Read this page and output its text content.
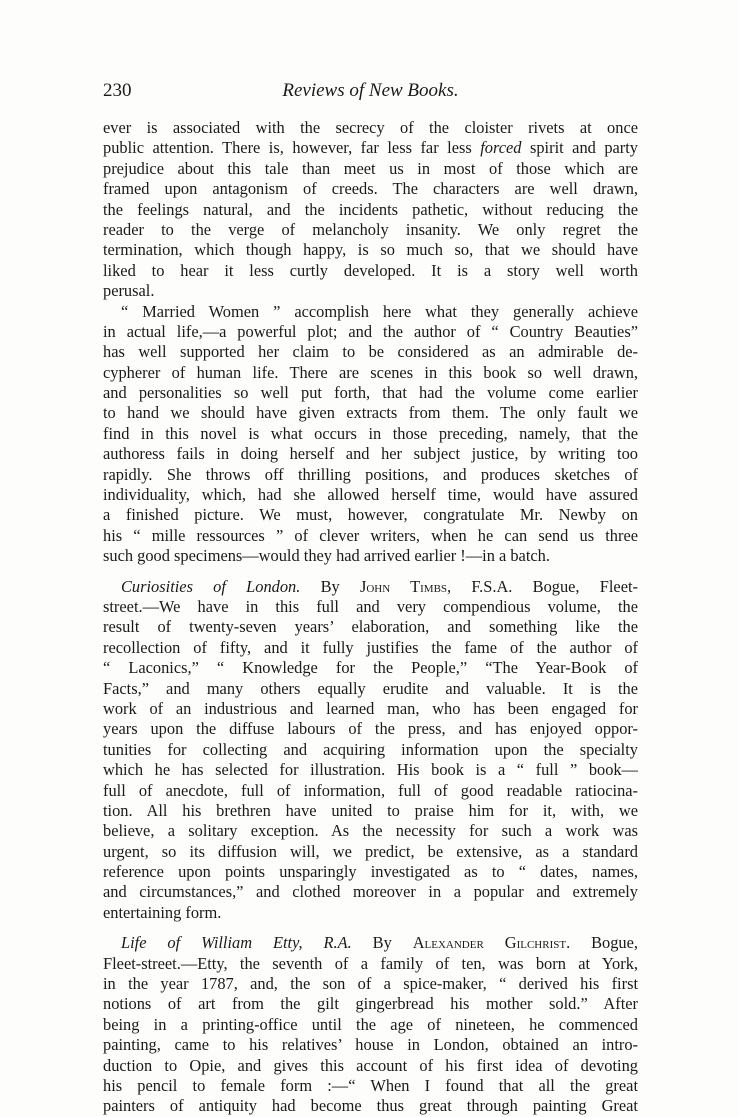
230	Reviews of New Books.
ever is associated with the secrecy of the cloister rivets at once
public attention. There is, however, far less far less forced spirit and party
prejudice about this tale than meet us in most of those which are
framed upon antagonism of creeds. The characters are well drawn,
the feelings natural, and the incidents pathetic, without reducing the
reader to the verge of melancholy insanity. We only regret the
termination, which though happy, is so much so, that we should have
liked to hear it less curtly developed. It is a story well worth
perusal.
“ Married Women ” accomplish here what they generally achieve
in actual life,—a powerful plot; and the author of “ Country Beauties”
has well supported her claim to be considered as an admirable de-
cypherer of human life. There are scenes in this book so well drawn,
and personalities so well put forth, that had the volume come earlier
to hand we should have given extracts from them. The only fault we
find in this novel is what occurs in those preceding, namely, that the
authoress fails in doing herself and her subject justice, by writing too
rapidly. She throws off thrilling positions, and produces sketches of
individuality, which, had she allowed herself time, would have assured
a finished picture. We must, however, congratulate Mr. Newby on
his “ mille ressources ” of clever writers, when he can send us three
such good specimens—would they had arrived earlier !—in a batch.
Curiosities of London. By John Timbs, F.S.A. Bogue, Fleet-
street.—We have in this full and very compendious volume, the
result of twenty-seven years’ elaboration, and something like the
recollection of fifty, and it fully justifies the fame of the author of
“ Laconics,” “ Knowledge for the People,” “The Year-Book of
Facts,” and many others equally erudite and valuable. It is the
work of an industrious and learned man, who has been engaged for
years upon the diffuse labours of the press, and has enjoyed oppor-
tunities for collecting and acquiring information upon the specialty
which he has selected for illustration. His book is a “ full ” book—
full of anecdote, full of information, full of good readable ratiocina-
tion. All his brethren have united to praise him for it, with, we
believe, a solitary exception. As the necessity for such a work was
urgent, so its diffusion will, we predict, be extensive, as a standard
reference upon points unsparingly investigated as to “ dates, names,
and circumstances,” and clothed moreover in a popular and extremely
entertaining form.
Life of William Etty, R.A. By Alexander Gilchrist. Bogue,
Fleet-street.—Etty, the seventh of a family of ten, was born at York,
in the year 1787, and, the son of a spice-maker, “ derived his first
notions of art from the gilt gingerbread his mother sold.” After
being in a printing-office until the age of nineteen, he commenced
painting, came to his relatives’ house in London, obtained an intro-
duction to Opie, and gives this account of his first idea of devoting
his pencil to female form :—“ When I found that all the great
painters of antiquity had become thus great through painting Great
